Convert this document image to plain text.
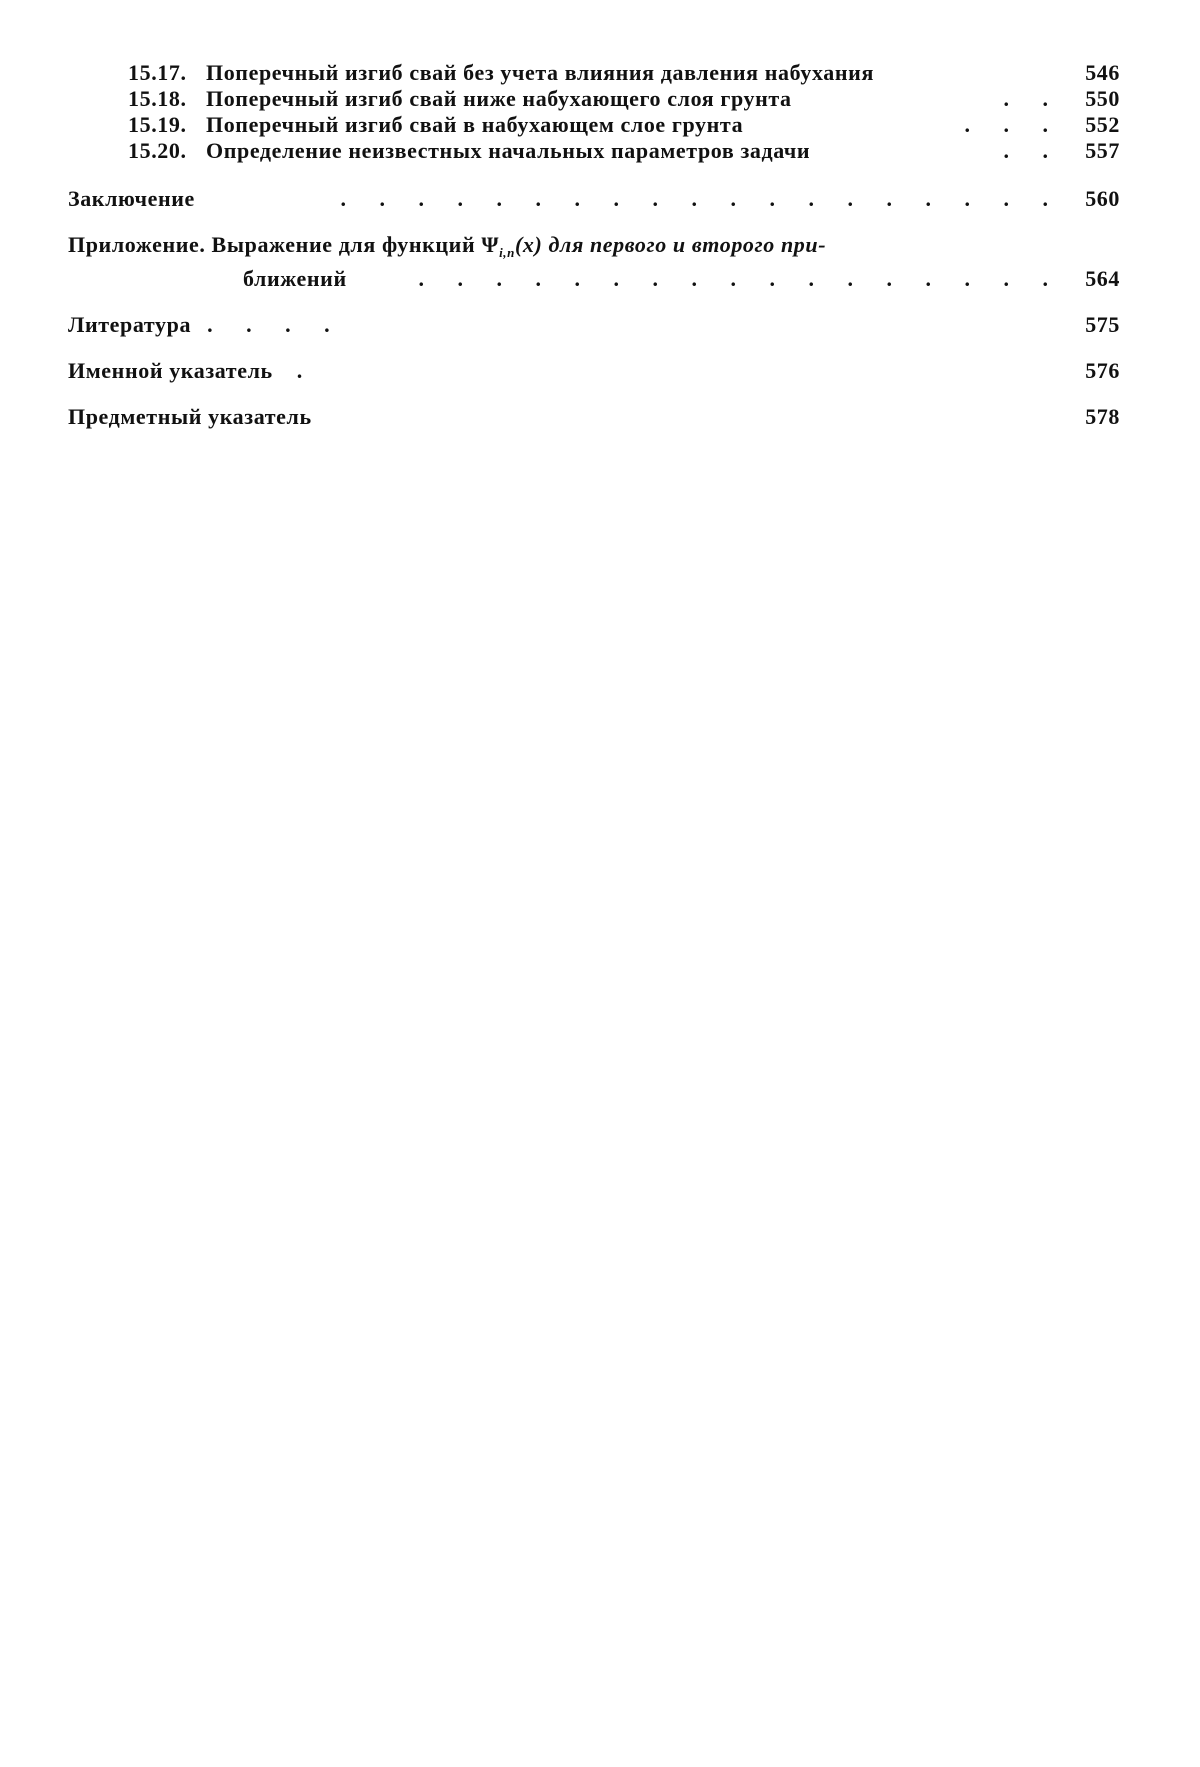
15.17. Поперечный изгиб свай без учета влияния давления набухания	546
15.18. Поперечный изгиб свай ниже набухающего слоя грунта	. .	550
15.19. Поперечный изгиб свай в набухающем слое грунта	. . .	552
15.20. Определение неизвестных начальных параметров задачи	. .	557
Заключение	. . . . . . . . . . . . . . . . . . .	560
Приложение. Выражение для функций $\Psi_{i,n}(x)$ для первого и второго при-
ближений	. . . . . . . . . . . . . . . . .	564
Литература . . . .	575
Именной указатель	.	576
Предметный указатель	578
